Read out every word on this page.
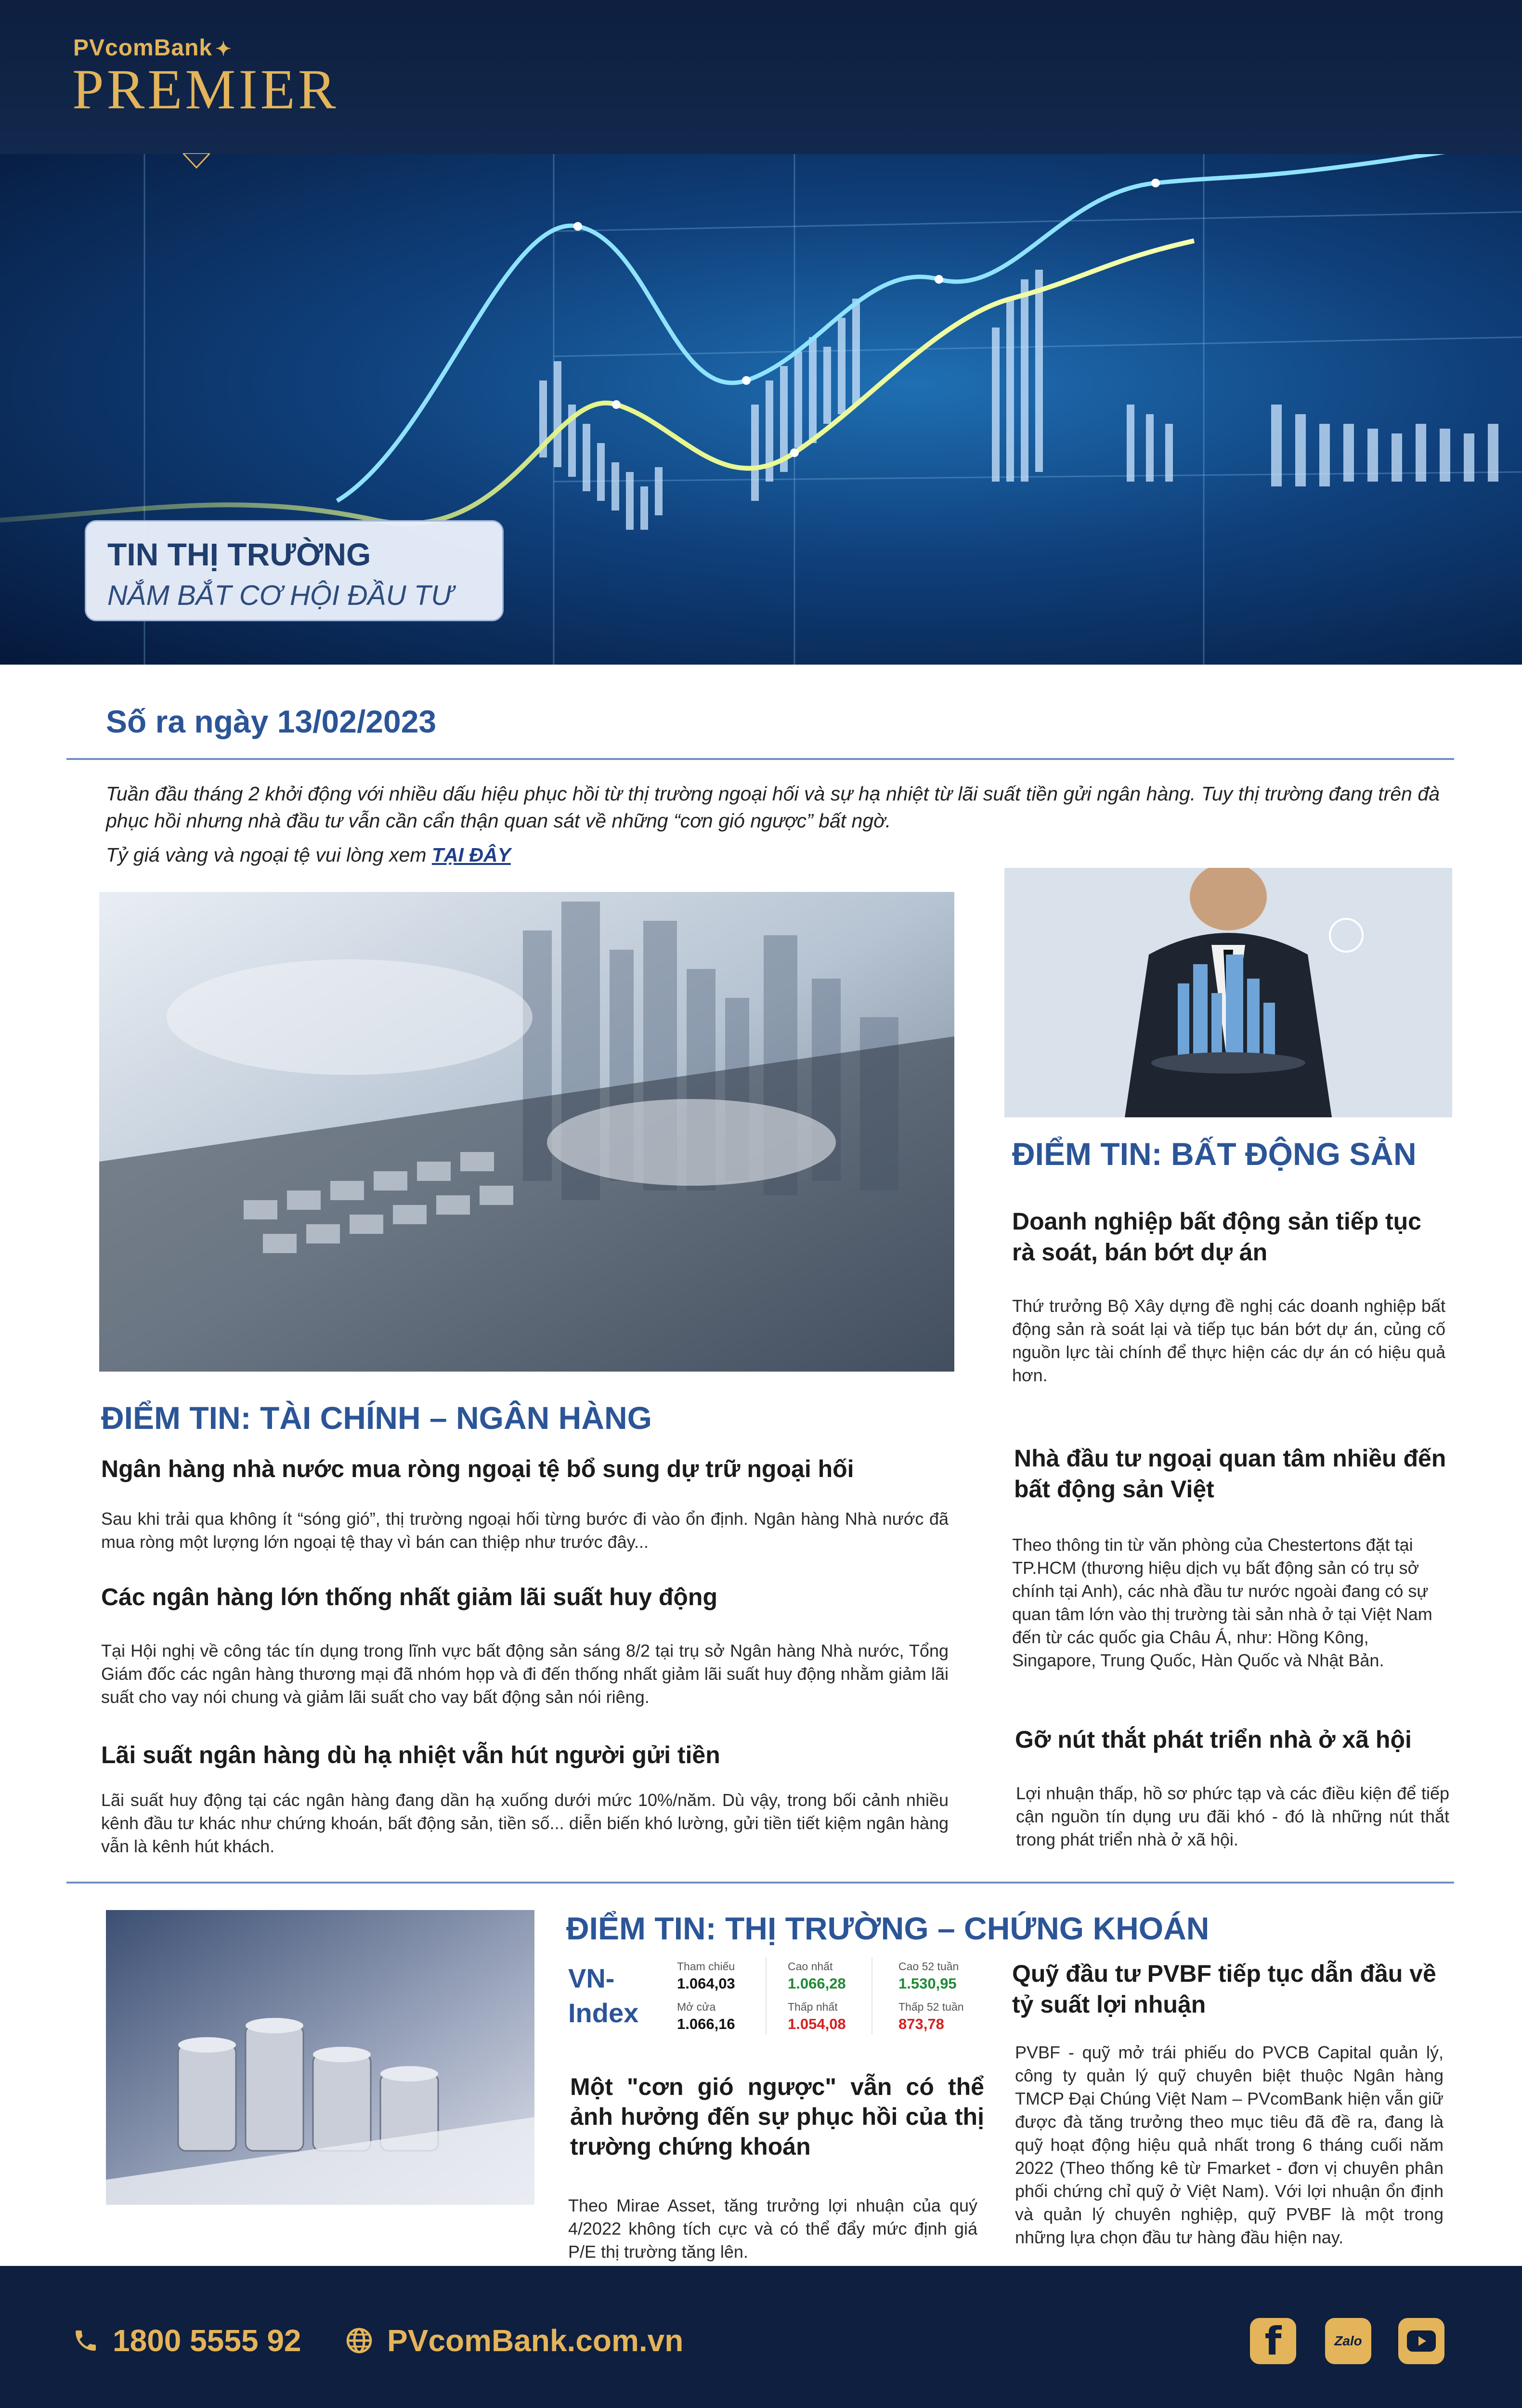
PVcomBank ✦
PREMIER
TIN THỊ TRƯỜNG
NẮM BẮT CƠ HỘI ĐẦU TƯ
Số ra ngày 13/02/2023
Tuần đầu tháng 2 khởi động với nhiều dấu hiệu phục hồi từ thị trường ngoại hối và sự hạ nhiệt từ lãi suất tiền gửi ngân hàng. Tuy thị trường đang trên đà phục hồi nhưng nhà đầu tư vẫn cần cẩn thận quan sát về những “cơn gió ngược” bất ngờ.
Tỷ giá vàng và ngoại tệ vui lòng xem TẠI ĐÂY
ĐIỂM TIN: BẤT ĐỘNG SẢN
Doanh nghiệp bất động sản tiếp tục rà soát, bán bớt dự án
Thứ trưởng Bộ Xây dựng đề nghị các doanh nghiệp bất động sản rà soát lại và tiếp tục bán bớt dự án, củng cố nguồn lực tài chính để thực hiện các dự án có hiệu quả hơn.
Nhà đầu tư ngoại quan tâm nhiều đến bất động sản Việt
Theo thông tin từ văn phòng của Chestertons đặt tại TP.HCM (thương hiệu dịch vụ bất động sản có trụ sở chính tại Anh), các nhà đầu tư nước ngoài đang có sự quan tâm lớn vào thị trường tài sản nhà ở tại Việt Nam đến từ các quốc gia Châu Á, như: Hồng Kông, Singapore, Trung Quốc, Hàn Quốc và Nhật Bản.
Gỡ nút thắt phát triển nhà ở xã hội
Lợi nhuận thấp, hồ sơ phức tạp và các điều kiện để tiếp cận nguồn tín dụng ưu đãi khó - đó là những nút thắt trong phát triển nhà ở xã hội.
ĐIỂM TIN: TÀI CHÍNH – NGÂN HÀNG
Ngân hàng nhà nước mua ròng ngoại tệ bổ sung dự trữ ngoại hối
Sau khi trải qua không ít “sóng gió”, thị trường ngoại hối từng bước đi vào ổn định. Ngân hàng Nhà nước đã mua ròng một lượng lớn ngoại tệ thay vì bán can thiệp như trước đây...
Các ngân hàng lớn thống nhất giảm lãi suất huy động
Tại Hội nghị về công tác tín dụng trong lĩnh vực bất động sản sáng 8/2 tại trụ sở Ngân hàng Nhà nước, Tổng Giám đốc các ngân hàng thương mại đã nhóm họp và đi đến thống nhất giảm lãi suất huy động nhằm giảm lãi suất cho vay nói chung và giảm lãi suất cho vay bất động sản nói riêng.
Lãi suất ngân hàng dù hạ nhiệt vẫn hút người gửi tiền
Lãi suất huy động tại các ngân hàng đang dần hạ xuống dưới mức 10%/năm. Dù vậy, trong bối cảnh nhiều kênh đầu tư khác như chứng khoán, bất động sản, tiền số... diễn biến khó lường, gửi tiền tiết kiệm ngân hàng vẫn là kênh hút khách.
ĐIỂM TIN: THỊ TRƯỜNG – CHỨNG KHOÁN
VN-
Index
Tham chiếu
1.064,03
Cao nhất
1.066,28
Cao 52 tuần
1.530,95
Mở cửa
1.066,16
Thấp nhất
1.054,08
Thấp 52 tuần
873,78
Một "cơn gió ngược" vẫn có thể ảnh hưởng đến sự phục hồi của thị trường chứng khoán
Theo Mirae Asset, tăng trưởng lợi nhuận của quý 4/2022 không tích cực và có thể đẩy mức định giá P/E thị trường tăng lên.
Quỹ đầu tư PVBF tiếp tục dẫn đầu về tỷ suất lợi nhuận
PVBF - quỹ mở trái phiếu do PVCB Capital quản lý, công ty quản lý quỹ chuyên biệt thuộc Ngân hàng TMCP Đại Chúng Việt Nam – PVcomBank hiện vẫn giữ được đà tăng trưởng theo mục tiêu đã đề ra, đang là quỹ hoạt động hiệu quả nhất trong 6 tháng cuối năm 2022 (Theo thống kê từ Fmarket - đơn vị chuyên phân phối chứng chỉ quỹ ở Việt Nam). Với lợi nhuận ổn định và quản lý chuyên nghiệp, quỹ PVBF là một trong những lựa chọn đầu tư hàng đầu hiện nay.
1800 5555 92	PVcomBank.com.vn	f	Zalo
